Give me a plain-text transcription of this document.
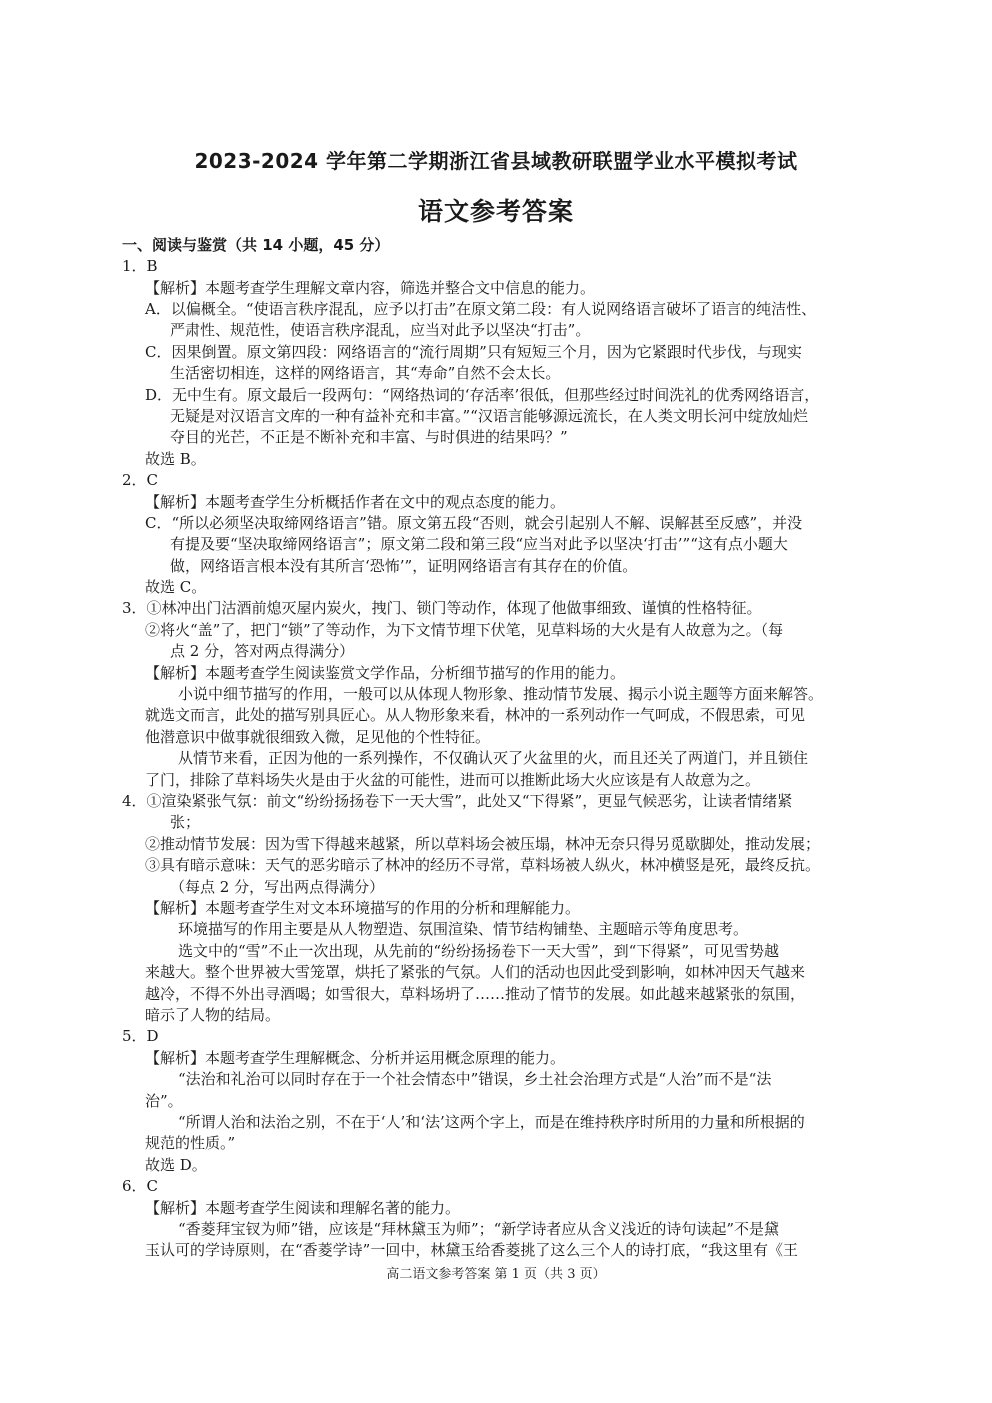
2023-2024 学年第二学期浙江省县域教研联盟学业水平模拟考试
语文参考答案
一、阅读与鉴赏（共 14 小题，45 分）
1．B
【解析】本题考查学生理解文章内容，筛选并整合文中信息的能力。
A．以偏概全。“使语言秩序混乱，应予以打击”在原文第二段：有人说网络语言破坏了语言的纯洁性、
严肃性、规范性，使语言秩序混乱，应当对此予以坚决“打击”。
C．因果倒置。原文第四段：网络语言的“流行周期”只有短短三个月，因为它紧跟时代步伐，与现实
生活密切相连，这样的网络语言，其“寿命”自然不会太长。
D．无中生有。原文最后一段两句：“网络热词的‘存活率’很低，但那些经过时间洗礼的优秀网络语言，
无疑是对汉语言文库的一种有益补充和丰富。”“汉语言能够源远流长，在人类文明长河中绽放灿烂
夺目的光芒，不正是不断补充和丰富、与时俱进的结果吗？”
故选 B。
2．C
【解析】本题考查学生分析概括作者在文中的观点态度的能力。
C．“所以必须坚决取缔网络语言”错。原文第五段“否则，就会引起别人不解、误解甚至反感”，并没
有提及要“坚决取缔网络语言”；原文第二段和第三段“应当对此予以坚决‘打击’”“这有点小题大
做，网络语言根本没有其所言‘恐怖’”，证明网络语言有其存在的价值。
故选 C。
3．①林冲出门沽酒前熄灭屋内炭火，拽门、锁门等动作，体现了他做事细致、谨慎的性格特征。
②将火“盖”了，把门“锁”了等动作，为下文情节埋下伏笔，见草料场的大火是有人故意为之。（每
点 2 分，答对两点得满分）
【解析】本题考查学生阅读鉴赏文学作品，分析细节描写的作用的能力。
小说中细节描写的作用，一般可以从体现人物形象、推动情节发展、揭示小说主题等方面来解答。
就选文而言，此处的描写别具匠心。从人物形象来看，林冲的一系列动作一气呵成，不假思索，可见
他潜意识中做事就很细致入微，足见他的个性特征。
从情节来看，正因为他的一系列操作，不仅确认灭了火盆里的火，而且还关了两道门，并且锁住
了门，排除了草料场失火是由于火盆的可能性，进而可以推断此场大火应该是有人故意为之。
4．①渲染紧张气氛：前文“纷纷扬扬卷下一天大雪”，此处又“下得紧”，更显气候恶劣，让读者情绪紧
张；
②推动情节发展：因为雪下得越来越紧，所以草料场会被压塌，林冲无奈只得另觅歇脚处，推动发展；
③具有暗示意味：天气的恶劣暗示了林冲的经历不寻常，草料场被人纵火，林冲横竖是死，最终反抗。
（每点 2 分，写出两点得满分）
【解析】本题考查学生对文本环境描写的作用的分析和理解能力。
环境描写的作用主要是从人物塑造、氛围渲染、情节结构铺垫、主题暗示等角度思考。
选文中的“雪”不止一次出现，从先前的“纷纷扬扬卷下一天大雪”，到“下得紧”，可见雪势越
来越大。整个世界被大雪笼罩，烘托了紧张的气氛。人们的活动也因此受到影响，如林冲因天气越来
越冷，不得不外出寻酒喝；如雪很大，草料场坍了……推动了情节的发展。如此越来越紧张的氛围，
暗示了人物的结局。
5．D
【解析】本题考查学生理解概念、分析并运用概念原理的能力。
“法治和礼治可以同时存在于一个社会情态中”错误，乡土社会治理方式是“人治”而不是“法
治”。
“所谓人治和法治之别，不在于‘人’和‘法’这两个字上，而是在维持秩序时所用的力量和所根据的
规范的性质。”
故选 D。
6．C
【解析】本题考查学生阅读和理解名著的能力。
“香菱拜宝钗为师”错，应该是“拜林黛玉为师”；“新学诗者应从含义浅近的诗句读起”不是黛
玉认可的学诗原则，在“香菱学诗”一回中，林黛玉给香菱挑了这么三个人的诗打底，“我这里有《王
高二语文参考答案 第 1 页（共 3 页）
